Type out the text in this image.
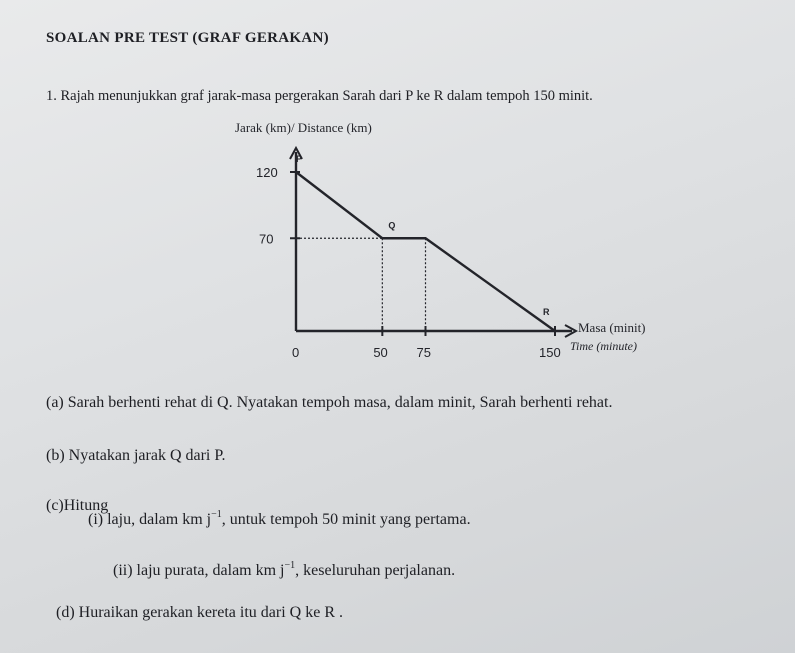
SOALAN PRE TEST (GRAF GERAKAN)
1. Rajah menunjukkan graf jarak-masa pergerakan Sarah dari P ke R dalam tempoh 150 minit.
70
120
0	50 75	150
P
Q
R
Jarak (km)/ Distance (km)
Masa (minit)
Time (minute)
(a) Sarah berhenti rehat di Q. Nyatakan tempoh masa, dalam minit, Sarah berhenti rehat.
(b) Nyatakan jarak Q dari P.
(c)Hitung
(i) laju, dalam km $j^{-1}$, untuk tempoh 50 minit yang pertama.
(ii) laju purata, dalam km $j^{-1}$, keseluruhan perjalanan.
(d) Huraikan gerakan kereta itu dari Q ke R .
